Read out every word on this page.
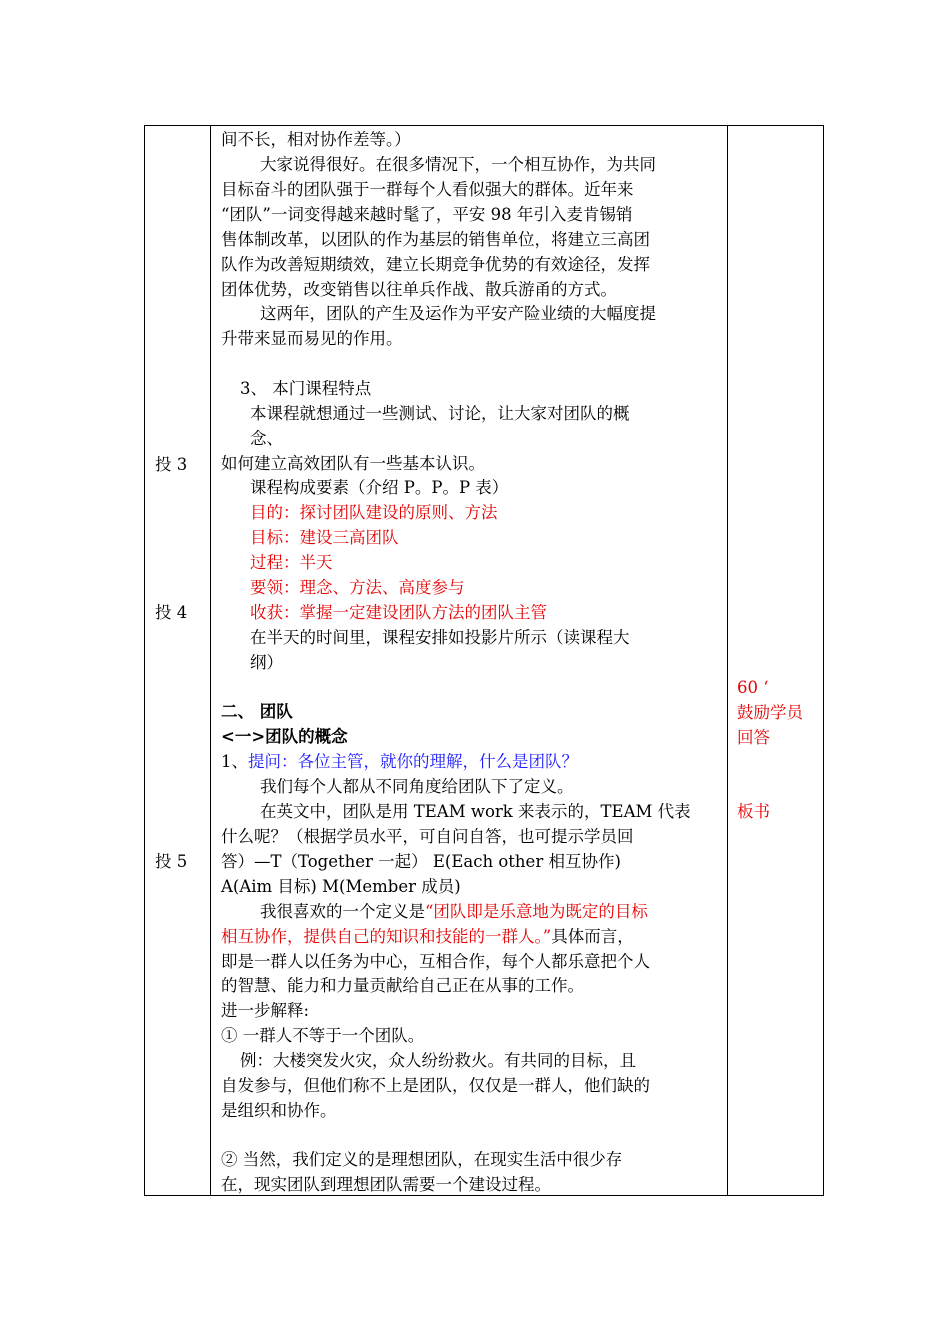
投 3
投 4
投 5
60 ‘
鼓励学员
回答
板书
间不长，相对协作差等。）
大家说得很好。在很多情况下，一个相互协作，为共同
目标奋斗的团队强于一群每个人看似强大的群体。近年来
“团队”一词变得越来越时髦了，平安 98 年引入麦肯锡销
售体制改革，以团队的作为基层的销售单位，将建立三高团
队作为改善短期绩效，建立长期竞争优势的有效途径，发挥
团体优势，改变销售以往单兵作战、散兵游甬的方式。
这两年，团队的产生及运作为平安产险业绩的大幅度提
升带来显而易见的作用。
3、 本门课程特点
本课程就想通过一些测试、讨论，让大家对团队的概
念、
如何建立高效团队有一些基本认识。
课程构成要素（介绍 P。P。P 表）
目的：探讨团队建设的原则、方法
目标：建设三高团队
过程：半天
要领：理念、方法、高度参与
收获：掌握一定建设团队方法的团队主管
在半天的时间里，课程安排如投影片所示（读课程大
纲）
二、 团队
<一>团队的概念
1、提问：各位主管，就你的理解，什么是团队？
我们每个人都从不同角度给团队下了定义。
在英文中，团队是用 TEAM work 来表示的，TEAM 代表
什么呢？（根据学员水平，可自问自答，也可提示学员回
答）—T（Together 一起） E(Each other 相互协作)
A(Aim 目标) M(Member 成员)
我很喜欢的一个定义是“团队即是乐意地为既定的目标
相互协作，提供自己的知识和技能的一群人。”具体而言，
即是一群人以任务为中心，互相合作，每个人都乐意把个人
的智慧、能力和力量贡献给自己正在从事的工作。
进一步解释:
① 一群人不等于一个团队。
例：大楼突发火灾，众人纷纷救火。有共同的目标，且
自发参与，但他们称不上是团队，仅仅是一群人，他们缺的
是组织和协作。
② 当然，我们定义的是理想团队，在现实生活中很少存
在，现实团队到理想团队需要一个建设过程。
